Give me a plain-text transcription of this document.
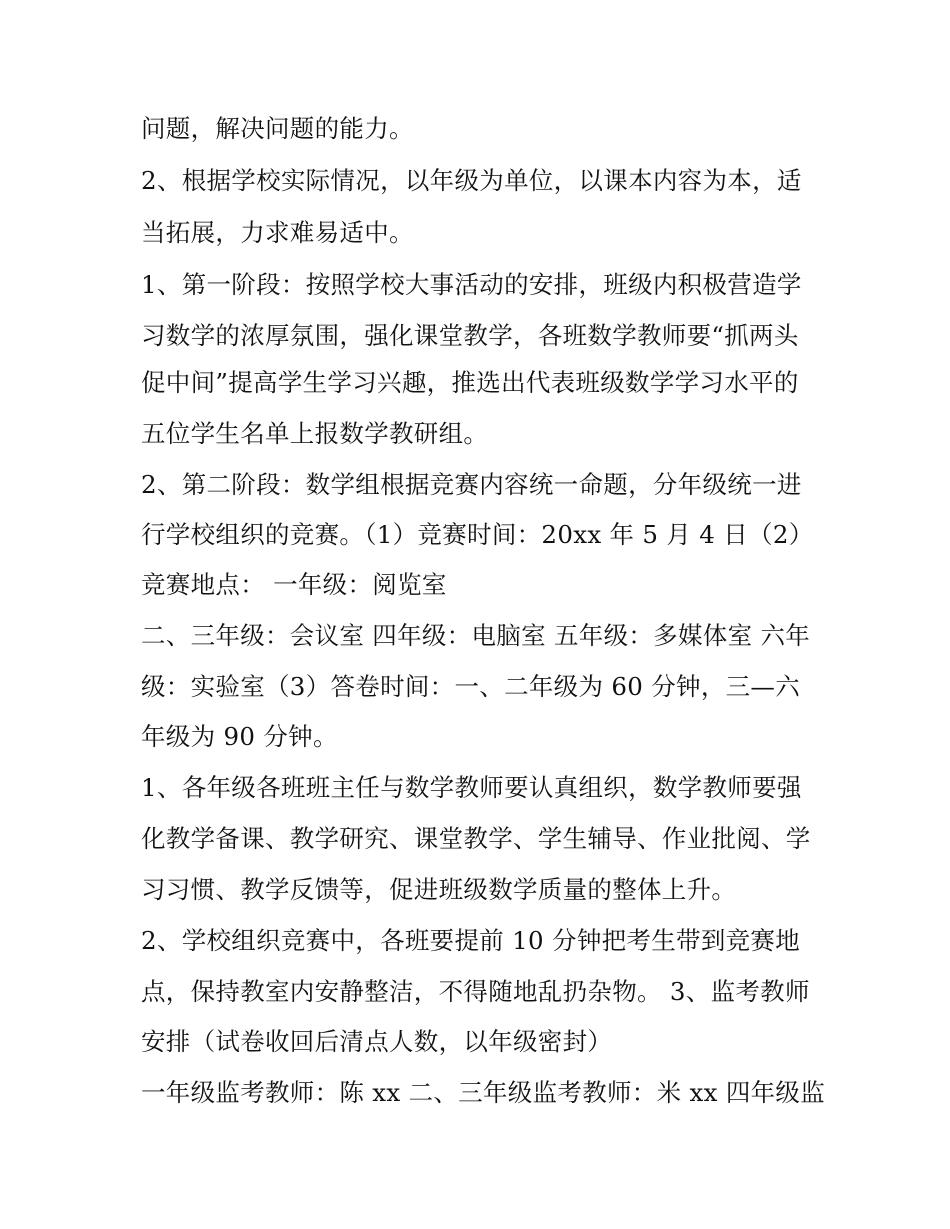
问题，解决问题的能力。
2、根据学校实际情况，以年级为单位，以课本内容为本，适
当拓展，力求难易适中。
1、第一阶段：按照学校大事活动的安排，班级内积极营造学
习数学的浓厚氛围，强化课堂教学，各班数学教师要“抓两头
促中间”提高学生学习兴趣，推选出代表班级数学学习水平的
五位学生名单上报数学教研组。
2、第二阶段：数学组根据竞赛内容统一命题，分年级统一进
行学校组织的竞赛。（1）竞赛时间：20xx 年 5 月 4 日（2）
竞赛地点： 一年级：阅览室
二、三年级：会议室 四年级：电脑室 五年级：多媒体室 六年
级：实验室（3）答卷时间：一、二年级为 60 分钟，三—六
年级为 90 分钟。
1、各年级各班班主任与数学教师要认真组织，数学教师要强
化教学备课、教学研究、课堂教学、学生辅导、作业批阅、学
习习惯、教学反馈等，促进班级数学质量的整体上升。
2、学校组织竞赛中，各班要提前 10 分钟把考生带到竞赛地
点，保持教室内安静整洁，不得随地乱扔杂物。 3、监考教师
安排（试卷收回后清点人数，以年级密封）
一年级监考教师：陈 xx 二、三年级监考教师：米 xx 四年级监
